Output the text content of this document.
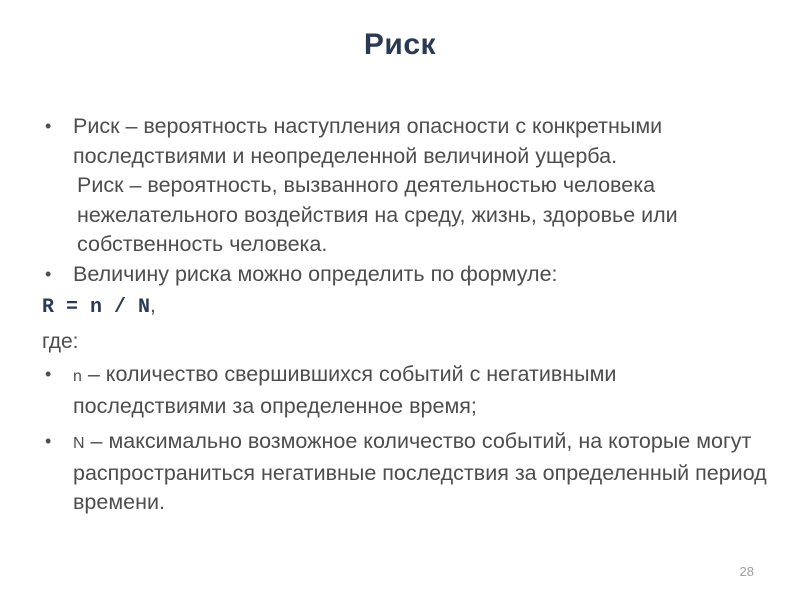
Риск
• Риск – вероятность наступления опасности с конкретными последствиями и неопределенной величиной ущерба.
Риск – вероятность, вызванного деятельностью человека нежелательного воздействия на среду, жизнь, здоровье или собственность человека.
• Величину риска можно определить по формуле:
R = n / N,
где:
• n – количество свершившихся событий с негативными последствиями за определенное время;
• N – максимально возможное количество событий, на которые могут распространиться негативные последствия за определенный период времени.
28
